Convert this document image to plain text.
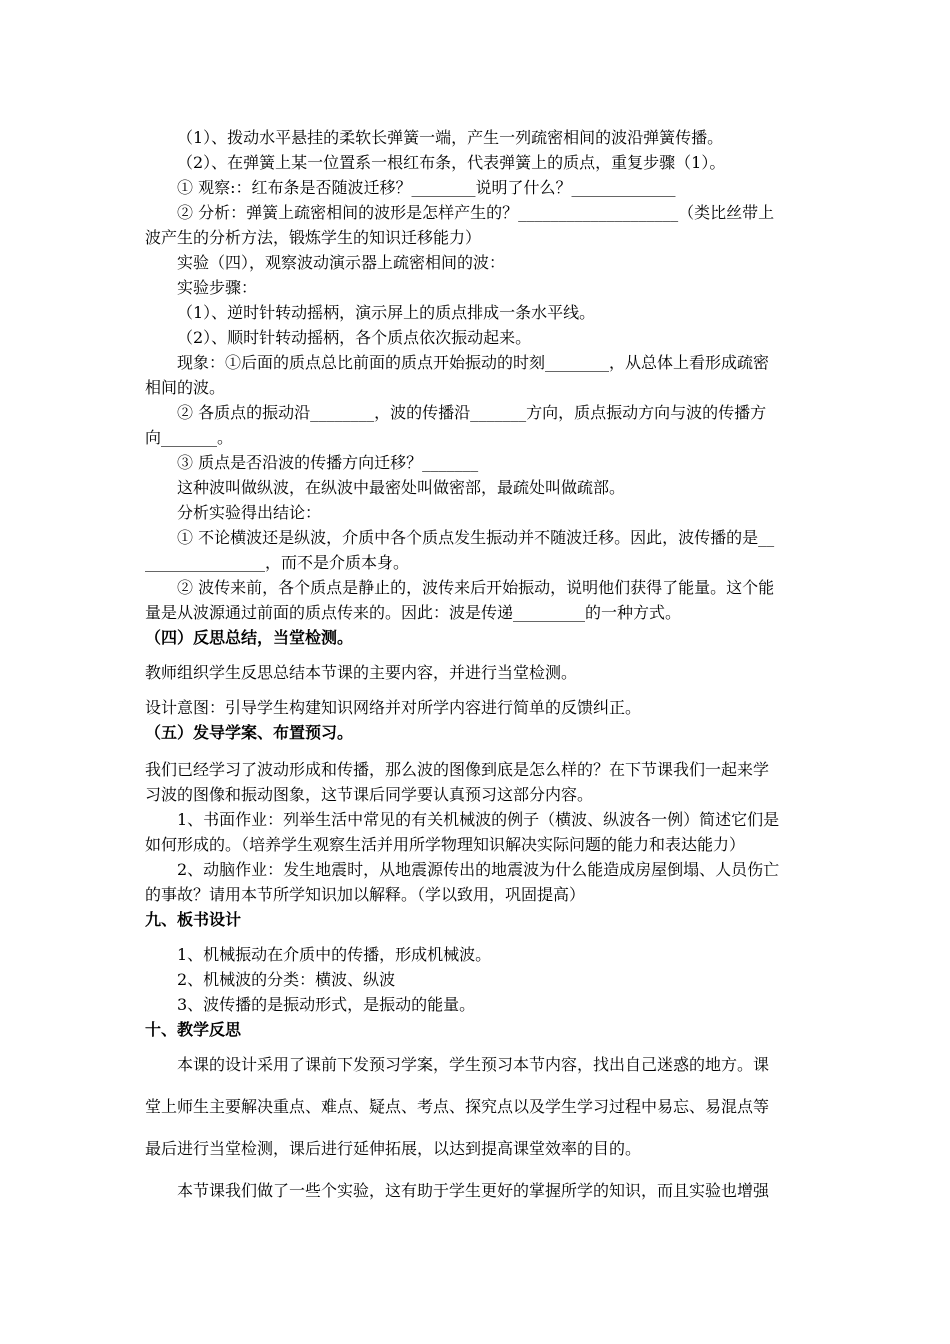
（1）、拨动水平悬挂的柔软长弹簧一端，产生一列疏密相间的波沿弹簧传播。
（2）、在弹簧上某一位置系一根红布条，代表弹簧上的质点，重复步骤（1）。
① 观察:：红布条是否随波迁移？________说明了什么？_____________
② 分析：弹簧上疏密相间的波形是怎样产生的？____________________（类比丝带上
波产生的分析方法，锻炼学生的知识迁移能力）
实验（四），观察波动演示器上疏密相间的波：
实验步骤：
（1）、逆时针转动摇柄，演示屏上的质点排成一条水平线。
（2）、顺时针转动摇柄，各个质点依次振动起来。
现象：①后面的质点总比前面的质点开始振动的时刻________，从总体上看形成疏密
相间的波。
② 各质点的振动沿________，波的传播沿_______方向，质点振动方向与波的传播方
向_______。
③ 质点是否沿波的传播方向迁移？_______
这种波叫做纵波，在纵波中最密处叫做密部，最疏处叫做疏部。
分析实验得出结论：
① 不论横波还是纵波，介质中各个质点发生振动并不随波迁移。因此，波传播的是__
_______________，而不是介质本身。
② 波传来前，各个质点是静止的，波传来后开始振动，说明他们获得了能量。这个能
量是从波源通过前面的质点传来的。因此：波是传递_________的一种方式。
（四）反思总结，当堂检测。
教师组织学生反思总结本节课的主要内容，并进行当堂检测。
设计意图：引导学生构建知识网络并对所学内容进行简单的反馈纠正。
（五）发导学案、布置预习。
我们已经学习了波动形成和传播，那么波的图像到底是怎么样的？在下节课我们一起来学
习波的图像和振动图象，这节课后同学要认真预习这部分内容。
1、书面作业：列举生活中常见的有关机械波的例子（横波、纵波各一例）简述它们是
如何形成的。（培养学生观察生活并用所学物理知识解决实际问题的能力和表达能力）
2、动脑作业：发生地震时，从地震源传出的地震波为什么能造成房屋倒塌、人员伤亡
的事故？请用本节所学知识加以解释。（学以致用，巩固提高）
九、板书设计
1、机械振动在介质中的传播，形成机械波。
2、机械波的分类：横波、纵波
3、波传播的是振动形式，是振动的能量。
十、教学反思
本课的设计采用了课前下发预习学案，学生预习本节内容，找出自己迷惑的地方。课
堂上师生主要解决重点、难点、疑点、考点、探究点以及学生学习过程中易忘、易混点等
最后进行当堂检测，课后进行延伸拓展，以达到提高课堂效率的目的。
本节课我们做了一些个实验，这有助于学生更好的掌握所学的知识，而且实验也增强
